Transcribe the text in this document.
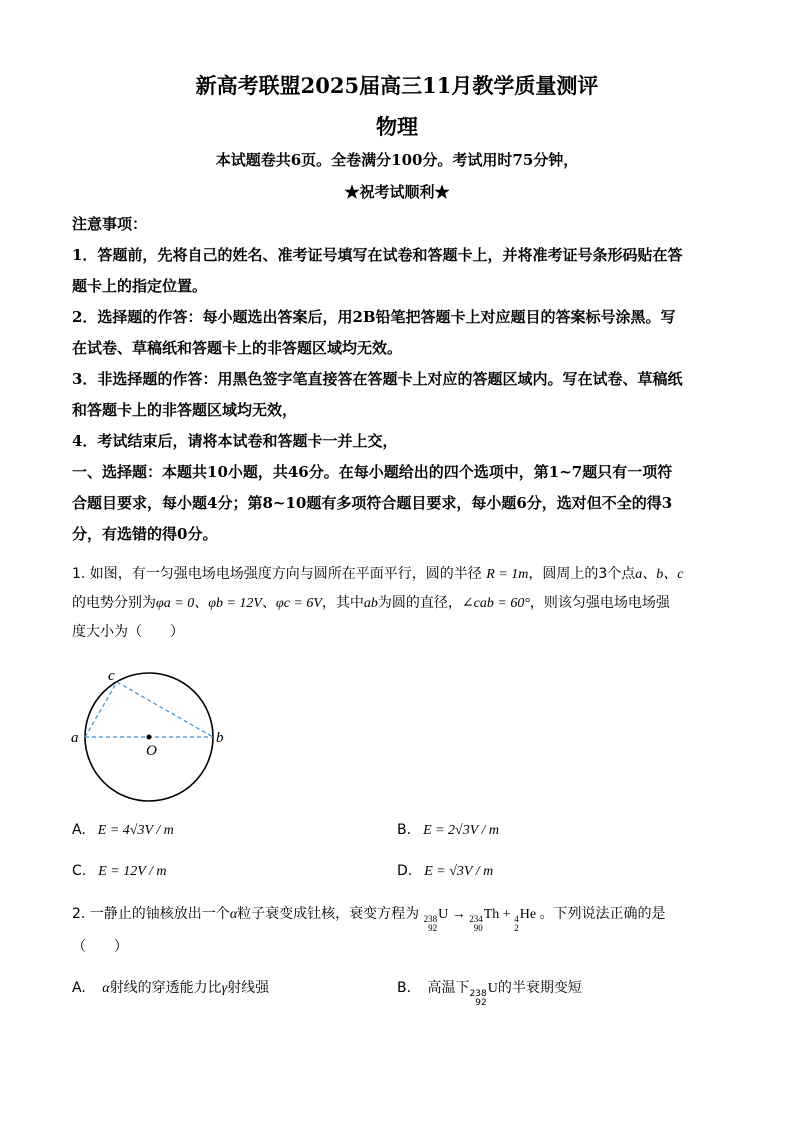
新高考联盟2025届高三11月教学质量测评
物理
本试题卷共6页。全卷满分100分。考试用时75分钟，
★祝考试顺利★
注意事项：
1．答题前，先将自己的姓名、准考证号填写在试卷和答题卡上，并将准考证号条形码贴在答
题卡上的指定位置。
2．选择题的作答：每小题选出答案后，用2B铅笔把答题卡上对应题目的答案标号涂黑。写
在试卷、草稿纸和答题卡上的非答题区域均无效。
3．非选择题的作答：用黑色签字笔直接答在答题卡上对应的答题区域内。写在试卷、草稿纸
和答题卡上的非答题区域均无效，
4．考试结束后，请将本试卷和答题卡一并上交，
一、选择题：本题共10小题，共46分。在每小题给出的四个选项中，第1~7题只有一项符
合题目要求，每小题4分；第8~10题有多项符合题目要求，每小题6分，选对但不全的得3
分，有选错的得0分。
1. 如图，有一匀强电场电场强度方向与圆所在平面平行，圆的半径 R = 1m，圆周上的3个点a、b、c
的电势分别为φa = 0、φb = 12V、φc = 6V，其中ab为圆的直径，∠cab = 60°，则该匀强电场电场强
度大小为（　　）
a	b
c
O
A. E = 4√3V / m	B. E = 2√3V / m
C. E = 12V / m	D. E = √3V / m
2. 一静止的铀核放出一个α粒子衰变成钍核，衰变方程为 238
92
U → 234
90
Th + 4
2
He 。下列说法正确的是
（　　）
A. α射线的穿透能力比γ射线强	B. 高温下 238
92
U的半衰期变短
